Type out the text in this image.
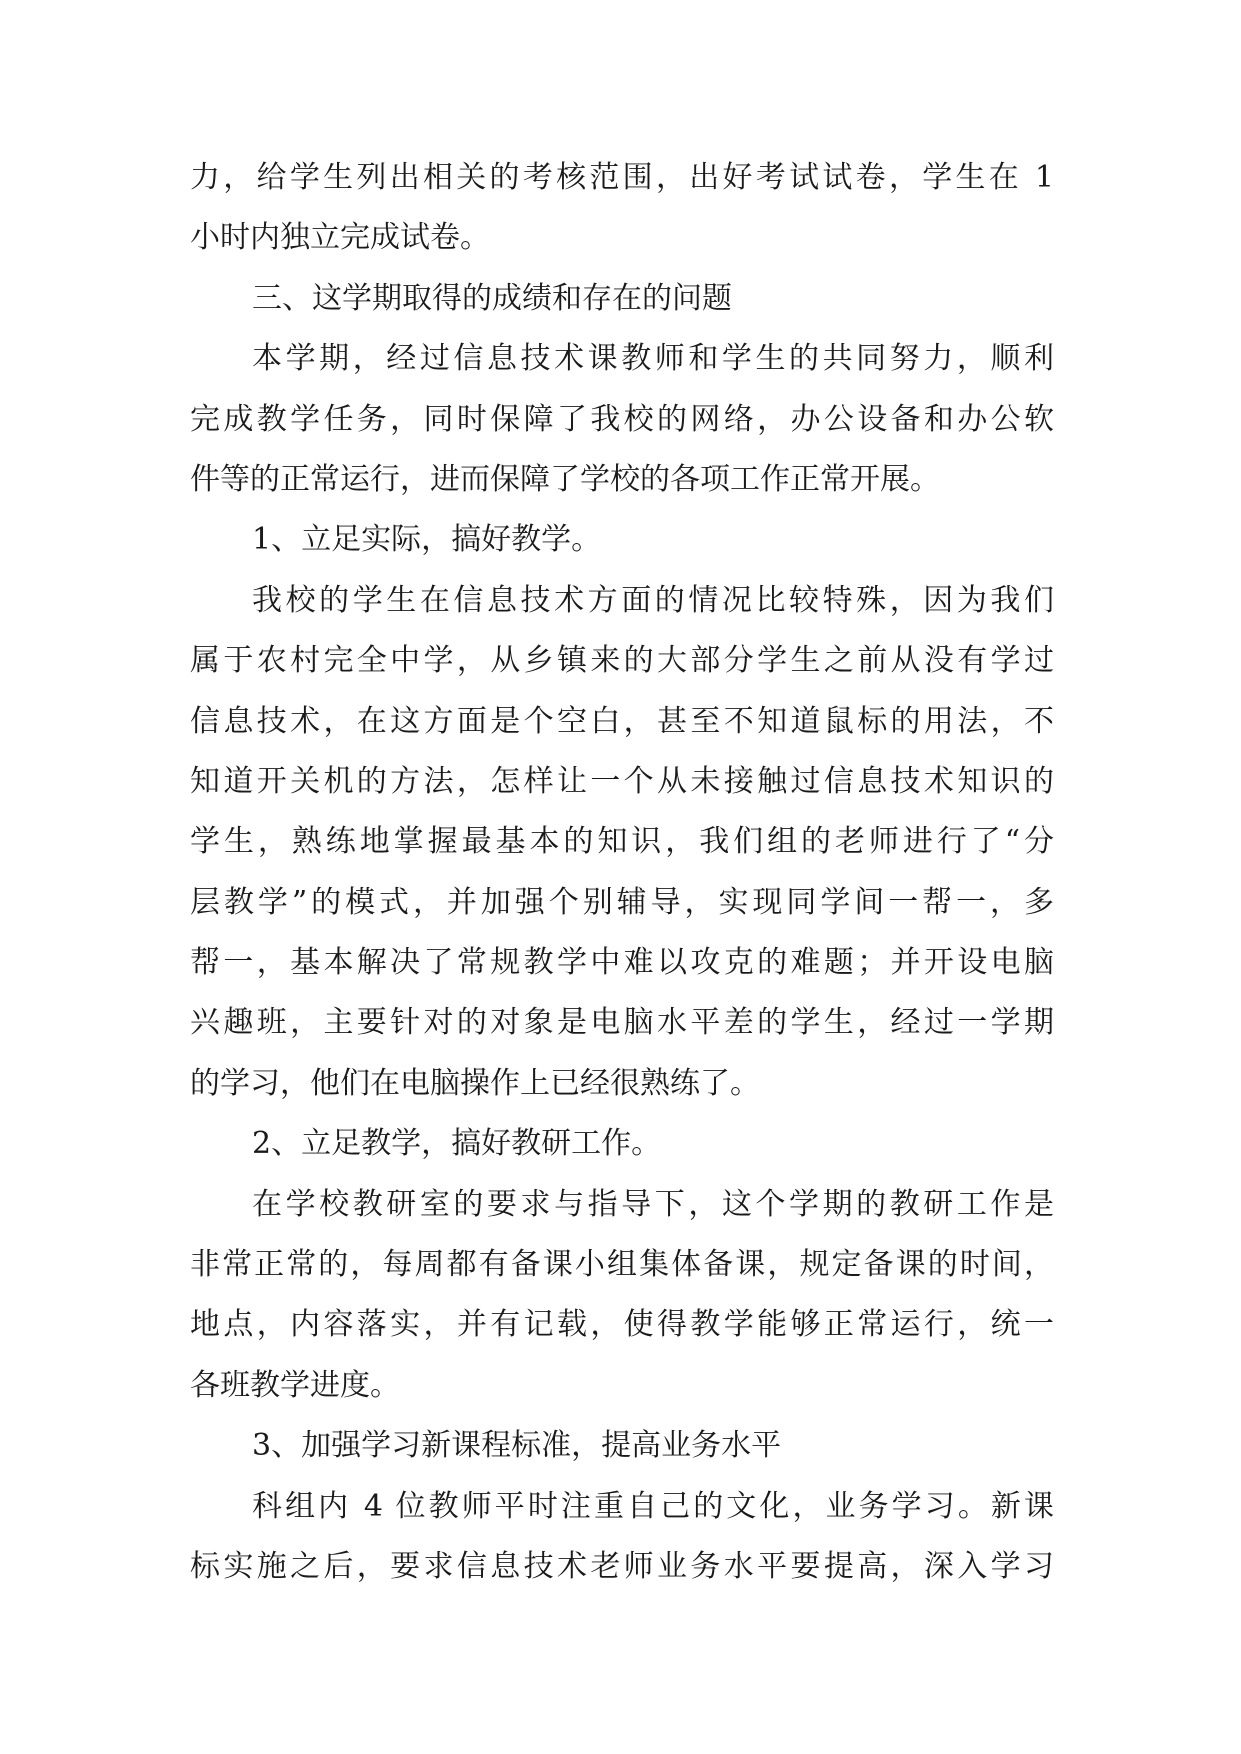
力，给学生列出相关的考核范围，出好考试试卷，学生在 1
小时内独立完成试卷。
三、这学期取得的成绩和存在的问题
本学期，经过信息技术课教师和学生的共同努力，顺利
完成教学任务，同时保障了我校的网络，办公设备和办公软
件等的正常运行，进而保障了学校的各项工作正常开展。
1、立足实际，搞好教学。
我校的学生在信息技术方面的情况比较特殊，因为我们
属于农村完全中学，从乡镇来的大部分学生之前从没有学过
信息技术，在这方面是个空白，甚至不知道鼠标的用法，不
知道开关机的方法，怎样让一个从未接触过信息技术知识的
学生，熟练地掌握最基本的知识，我们组的老师进行了“分
层教学”的模式，并加强个别辅导，实现同学间一帮一，多
帮一，基本解决了常规教学中难以攻克的难题；并开设电脑
兴趣班，主要针对的对象是电脑水平差的学生，经过一学期
的学习，他们在电脑操作上已经很熟练了。
2、立足教学，搞好教研工作。
在学校教研室的要求与指导下，这个学期的教研工作是
非常正常的，每周都有备课小组集体备课，规定备课的时间，
地点，内容落实，并有记载，使得教学能够正常运行，统一
各班教学进度。
3、加强学习新课程标准，提高业务水平
科组内 4 位教师平时注重自己的文化，业务学习。新课
标实施之后，要求信息技术老师业务水平要提高，深入学习
